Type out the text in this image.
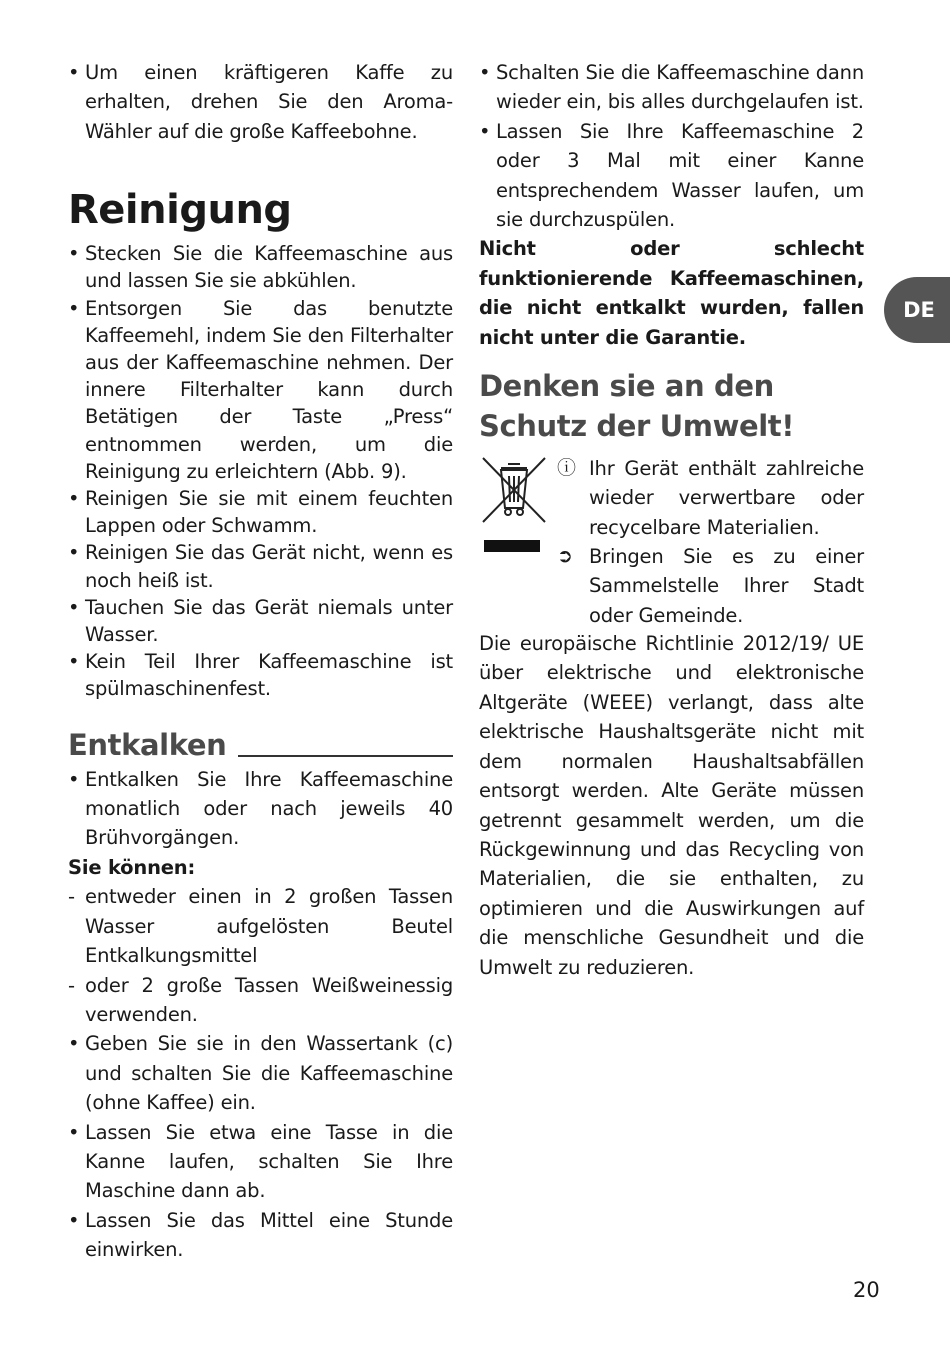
• Um einen kräftigeren Kaffe zu erhalten, drehen Sie den Aroma-Wähler auf die große Kaffeebohne.

Reinigung
• Stecken Sie die Kaffeemaschine aus und lassen Sie sie abkühlen.

• Entsorgen Sie das benutzte Kaffeemehl, indem Sie den Filterhalter aus der Kaffeemaschine nehmen. Der innere Filterhalter kann durch Betätigen der Taste „Press“ entnommen werden, um die Reinigung zu erleichtern (Abb. 9).

• Reinigen Sie sie mit einem feuchten Lappen oder Schwamm.

• Reinigen Sie das Gerät nicht, wenn es noch heiß ist.

• Tauchen Sie das Gerät niemals unter Wasser.

• Kein Teil Ihrer Kaffeemaschine ist spülmaschinenfest.

Entkalken
• Entkalken Sie Ihre Kaffeemaschine monatlich oder nach jeweils 40 Brühvorgängen.

Sie können:

- entweder einen in 2 großen Tassen Wasser aufgelösten Beutel Entkalkungsmittel

- oder 2 große Tassen Weißweinessig verwenden.

• Geben Sie sie in den Wassertank (c) und schalten Sie die Kaffeemaschine (ohne Kaffee) ein.

• Lassen Sie etwa eine Tasse in die Kanne laufen, schalten Sie Ihre Maschine dann ab.

• Lassen Sie das Mittel eine Stunde einwirken.

• Schalten Sie die Kaffeemaschine dann wieder ein, bis alles durchgelaufen ist.

• Lassen Sie Ihre Kaffeemaschine 2 oder 3 Mal mit einer Kanne entsprechendem Wasser laufen, um sie durchzuspülen.

Nicht oder schlecht funktionierende Kaffeemaschinen, die nicht entkalkt wurden, fallen nicht unter die Garantie.

Denken sie an den Schutz der Umwelt!
ⓘ Ihr Gerät enthält zahlreiche wieder verwertbare oder recycelbare Materialien.

➲ Bringen Sie es zu einer Sammelstelle Ihrer Stadt oder Gemeinde.

Die europäische Richtlinie 2012/19/ UE über elektrische und elektronische Altgeräte (WEEE) verlangt, dass alte elektrische Haushaltsgeräte nicht mit dem normalen Haushaltsabfällen entsorgt werden. Alte Geräte müssen getrennt gesammelt werden, um die Rückgewinnung und das Recycling von Materialien, die sie enthalten, zu optimieren und die Auswirkungen auf die menschliche Gesundheit und die Umwelt zu reduzieren.

DE
20
